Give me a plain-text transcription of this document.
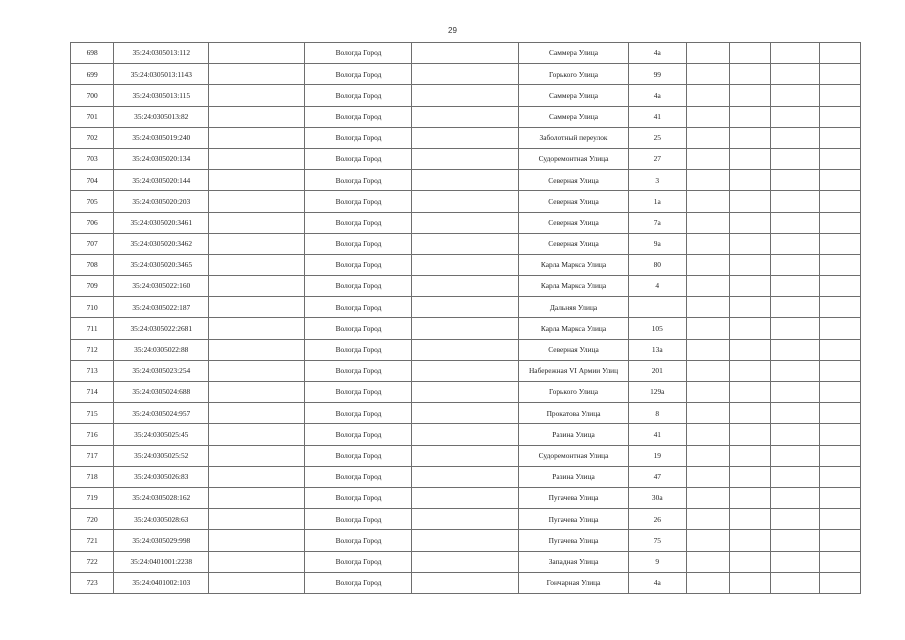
29
698	35:24:0305013:112		Вологда Город		Саммера Улица	4а				
699	35:24:0305013:1143		Вологда Город		Горького Улица	99				
700	35:24:0305013:115		Вологда Город		Саммера Улица	4а				
701	35:24:0305013:82		Вологда Город		Саммера Улица	41				
702	35:24:0305019:240		Вологда Город		Заболотный переулок	25				
703	35:24:0305020:134		Вологда Город		Судоремонтная Улица	27				
704	35:24:0305020:144		Вологда Город		Северная Улица	3				
705	35:24:0305020:203		Вологда Город		Северная Улица	1а				
706	35:24:0305020:3461		Вологда Город		Северная Улица	7а				
707	35:24:0305020:3462		Вологда Город		Северная Улица	9а				
708	35:24:0305020:3465		Вологда Город		Карла Маркса Улица	80				
709	35:24:0305022:160		Вологда Город		Карла Маркса Улица	4				
710	35:24:0305022:187		Вологда Город		Дальняя Улица					
711	35:24:0305022:2681		Вологда Город		Карла Маркса Улица	105				
712	35:24:0305022:88		Вологда Город		Северная Улица	13а				
713	35:24:0305023:254		Вологда Город		Набережная VI Армии Улиц	201				
714	35:24:0305024:688		Вологда Город		Горького Улица	129а				
715	35:24:0305024:957		Вологда Город		Прокатова Улица	8				
716	35:24:0305025:45		Вологда Город		Разина Улица	41				
717	35:24:0305025:52		Вологда Город		Судоремонтная Улица	19				
718	35:24:0305026:83		Вологда Город		Разина Улица	47				
719	35:24:0305028:162		Вологда Город		Пугачева Улица	30а				
720	35:24:0305028:63		Вологда Город		Пугачева Улица	26				
721	35:24:0305029:998		Вологда Город		Пугачева Улица	75				
722	35:24:0401001:2238		Вологда Город		Западная Улица	9				
723	35:24:0401002:103		Вологда Город		Гончарная Улица	4а				
